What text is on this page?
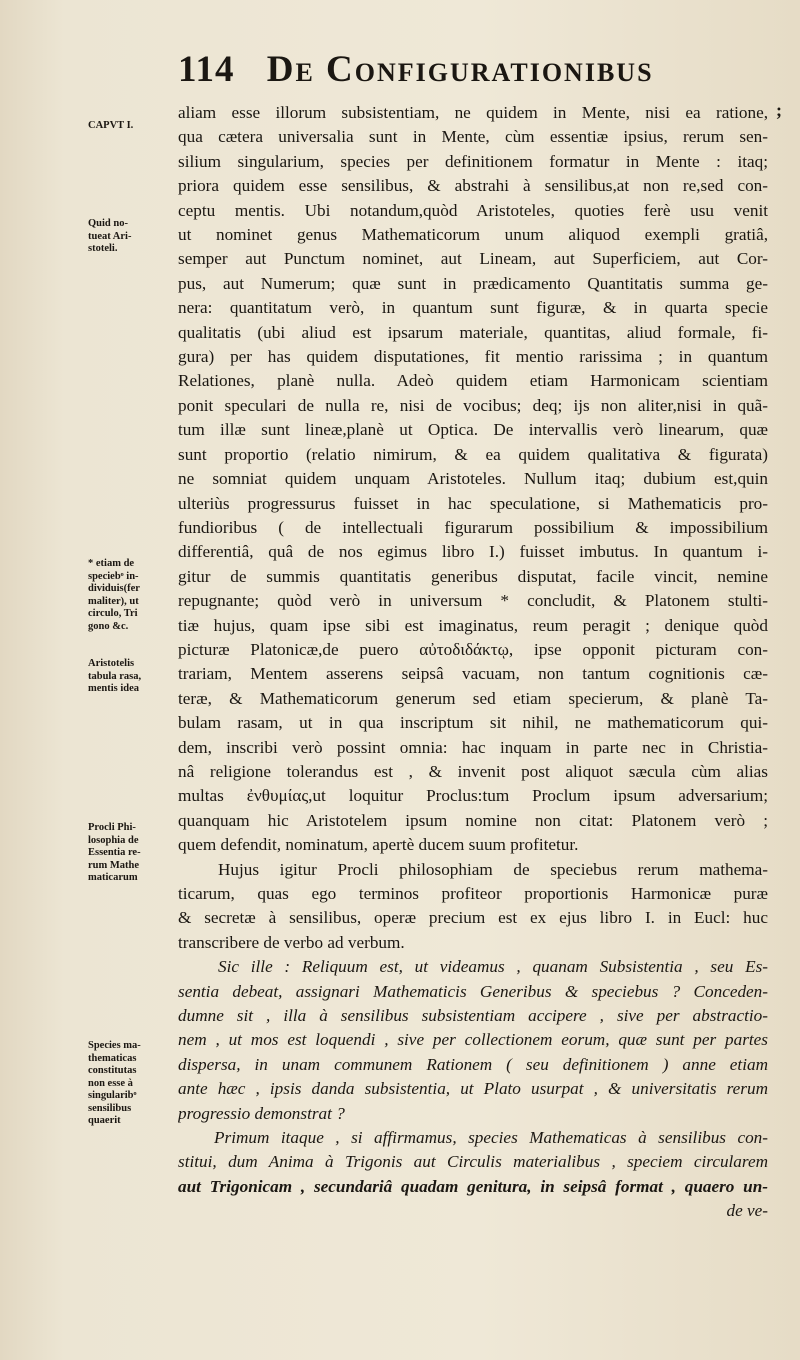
114 De Configurationibus
;
CAPVT I.
Quid no-
tueat Ari-
stoteli.
* etiam de
speciebᵒ in-
dividuis(fer
maliter), ut
circulo, Tri
gono &c.
Aristotelis
tabula rasa,
mentis idea
Procli Phi-
losophia de
Essentia re-
rum Mathe
maticarum
Species ma-
thematicas
constitutas
non esse à
singularibᵒ
sensilibus
quaerit
aliam esse illorum subsistentiam, ne quidem in Mente, nisi ea ratione,
qua cætera universalia sunt in Mente, cùm essentiæ ipsius, rerum sen-
silium singularium, species per definitionem formatur in Mente : itaq;
priora quidem esse sensilibus, & abstrahi à sensilibus,at non re,sed con-
ceptu mentis. Ubi notandum,quòd Aristoteles, quoties ferè usu venit
ut nominet genus Mathematicorum unum aliquod exempli gratiâ,
semper aut Punctum nominet, aut Lineam, aut Superficiem, aut Cor-
pus, aut Numerum; quæ sunt in prædicamento Quantitatis summa ge-
nera: quantitatum verò, in quantum sunt figuræ, & in quarta specie
qualitatis (ubi aliud est ipsarum materiale, quantitas, aliud formale, fi-
gura) per has quidem disputationes, fit mentio rarissima ; in quantum
Relationes, planè nulla. Adeò quidem etiam Harmonicam scientiam
ponit speculari de nulla re, nisi de vocibus; deq; ijs non aliter,nisi in quã-
tum illæ sunt lineæ,planè ut Optica. De intervallis verò linearum, quæ
sunt proportio (relatio nimirum, & ea quidem qualitativa & figurata)
ne somniat quidem unquam Aristoteles. Nullum itaq; dubium est,quin
ulteriùs progressurus fuisset in hac speculatione, si Mathematicis pro-
fundioribus ( de intellectuali figurarum possibilium & impossibilium
differentiâ, quâ de nos egimus libro I.) fuisset imbutus. In quantum i-
gitur de summis quantitatis generibus disputat, facile vincit, nemine
repugnante; quòd verò in universum * concludit, & Platonem stulti-
tiæ hujus, quam ipse sibi est imaginatus, reum peragit ; denique quòd
picturæ Platonicæ,de puero αὐτοδιδάκτῳ, ipse opponit picturam con-
trariam, Mentem asserens seipsâ vacuam, non tantum cognitionis cæ-
teræ, & Mathematicorum generum sed etiam specierum, & planè Ta-
bulam rasam, ut in qua inscriptum sit nihil, ne mathematicorum qui-
dem, inscribi verò possint omnia: hac inquam in parte nec in Christia-
nâ religione tolerandus est , & invenit post aliquot sæcula cùm alias
multas ἐνθυμίας,ut loquitur Proclus:tum Proclum ipsum adversarium;
quanquam hic Aristotelem ipsum nomine non citat: Platonem verò ;
quem defendit, nominatum, apertè ducem suum profitetur.
Hujus igitur Procli philosophiam de speciebus rerum mathema-
ticarum, quas ego terminos profiteor proportionis Harmonicæ puræ
& secretæ à sensilibus, operæ precium est ex ejus libro I. in Eucl: huc
transcribere de verbo ad verbum.
Sic ille : Reliquum est, ut videamus , quanam Subsistentia , seu Es-
sentia debeat, assignari Mathematicis Generibus & speciebus ? Conceden-
dumne sit , illa à sensilibus subsistentiam accipere , sive per abstractio-
nem , ut mos est loquendi , sive per collectionem eorum, quæ sunt per partes
dispersa, in unam communem Rationem ( seu definitionem ) anne etiam
ante hæc , ipsis danda subsistentia, ut Plato usurpat , & universitatis rerum
progressio demonstrat ?
Primum itaque , si affirmamus, species Mathematicas à sensilibus con-
stitui, dum Anima à Trigonis aut Circulis materialibus , speciem circularem
aut Trigonicam , secundariâ quadam genitura, in seipsâ format , quaero un-
de ve-
